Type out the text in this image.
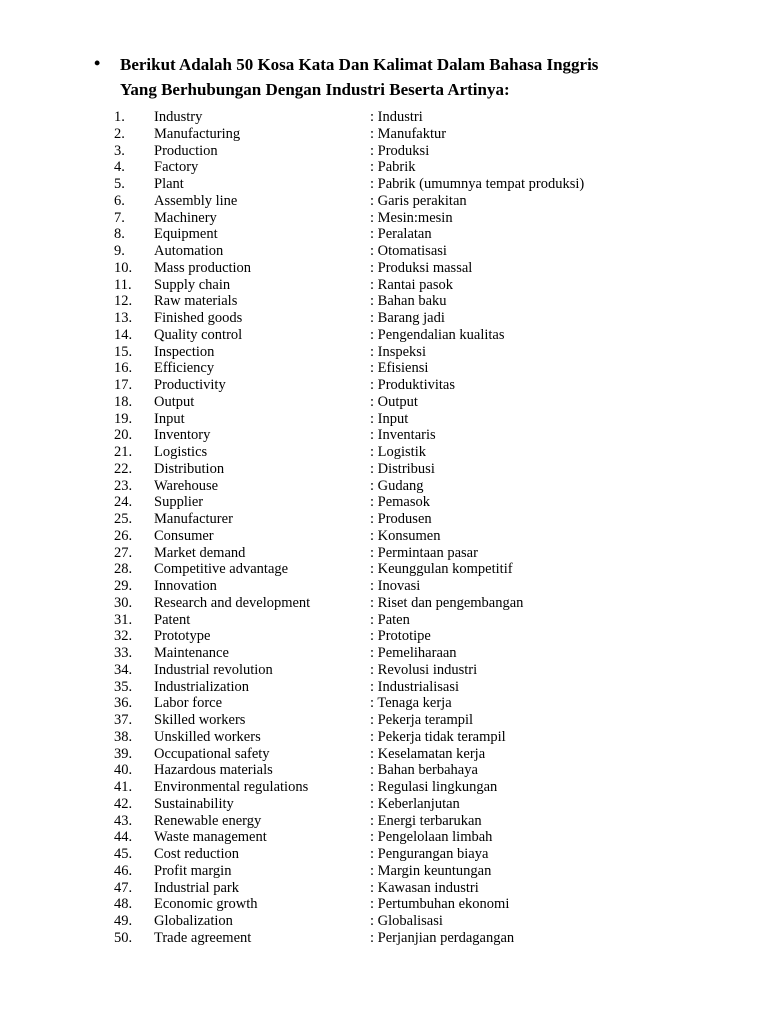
• Berikut Adalah 50 Kosa Kata Dan Kalimat Dalam Bahasa Inggris
Yang Berhubungan Dengan Industri Beserta Artinya:
1. Industry	: Industri
2. Manufacturing	: Manufaktur
3. Production	: Produksi
4. Factory	: Pabrik
5. Plant	: Pabrik (umumnya tempat produksi)
6. Assembly line	: Garis perakitan
7. Machinery	: Mesin:mesin
8. Equipment	: Peralatan
9. Automation	: Otomatisasi
10. Mass production	: Produksi massal
11. Supply chain	: Rantai pasok
12. Raw materials	: Bahan baku
13. Finished goods	: Barang jadi
14. Quality control	: Pengendalian kualitas
15. Inspection	: Inspeksi
16. Efficiency	: Efisiensi
17. Productivity	: Produktivitas
18. Output	: Output
19. Input	: Input
20. Inventory	: Inventaris
21. Logistics	: Logistik
22. Distribution	: Distribusi
23. Warehouse	: Gudang
24. Supplier	: Pemasok
25. Manufacturer	: Produsen
26. Consumer	: Konsumen
27. Market demand	: Permintaan pasar
28. Competitive advantage	: Keunggulan kompetitif
29. Innovation	: Inovasi
30. Research and development	: Riset dan pengembangan
31. Patent	: Paten
32. Prototype	: Prototipe
33. Maintenance	: Pemeliharaan
34. Industrial revolution	: Revolusi industri
35. Industrialization	: Industrialisasi
36. Labor force	: Tenaga kerja
37. Skilled workers	: Pekerja terampil
38. Unskilled workers	: Pekerja tidak terampil
39. Occupational safety	: Keselamatan kerja
40. Hazardous materials	: Bahan berbahaya
41. Environmental regulations	: Regulasi lingkungan
42. Sustainability	: Keberlanjutan
43. Renewable energy	: Energi terbarukan
44. Waste management	: Pengelolaan limbah
45. Cost reduction	: Pengurangan biaya
46. Profit margin	: Margin keuntungan
47. Industrial park	: Kawasan industri
48. Economic growth	: Pertumbuhan ekonomi
49. Globalization	: Globalisasi
50. Trade agreement	: Perjanjian perdagangan
